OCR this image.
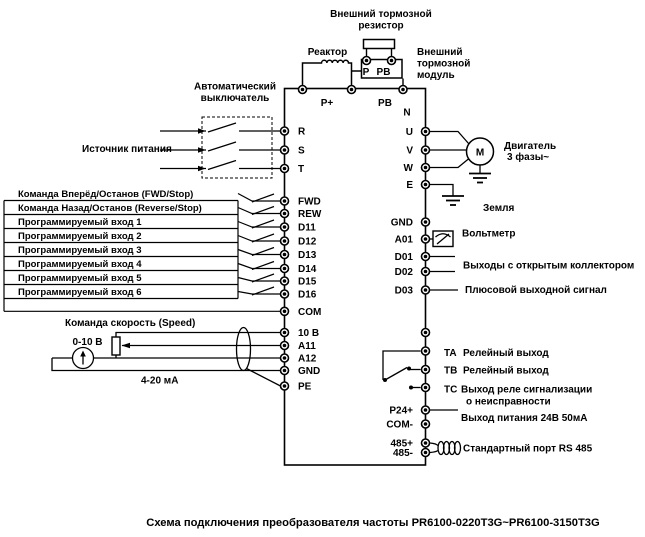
Реактор
Внешний тормозной
резистор
Р РВ
Внешний
тормозной
модуль
P+	PB
N
Автоматический
выключатель
Источник питания
Команда Вперёд/Останов (FWD/Stop)
Команда Назад/Останов (Reverse/Stop)
Программируемый вход 1
Программируемый вход 2
Программируемый вход 3
Программируемый вход 4
Программируемый вход 5
Программируемый вход 6
Команда скорость (Speed)
0-10 В
4-20 мА
R
S
T
FWD
REW
D11
D12
D13
D14
D15
D16
COM
10 В
A11
A12
GND
PE
U
V
W
E
GND
A01
D01
D02
D03
P24+
COM-
485+
485-
М
Двигатель
3 фазы~
Земля
Вольтметр
Выходы с открытым коллектором
Плюсовой выходной сигнал
TA Релейный выход
TB Релейный выход
TC Выход реле сигнализации
о неисправности
Выход питания 24В 50мА
Стандартный порт RS 485
Схема подключения преобразователя частоты PR6100-0220T3G~PR6100-3150T3G
